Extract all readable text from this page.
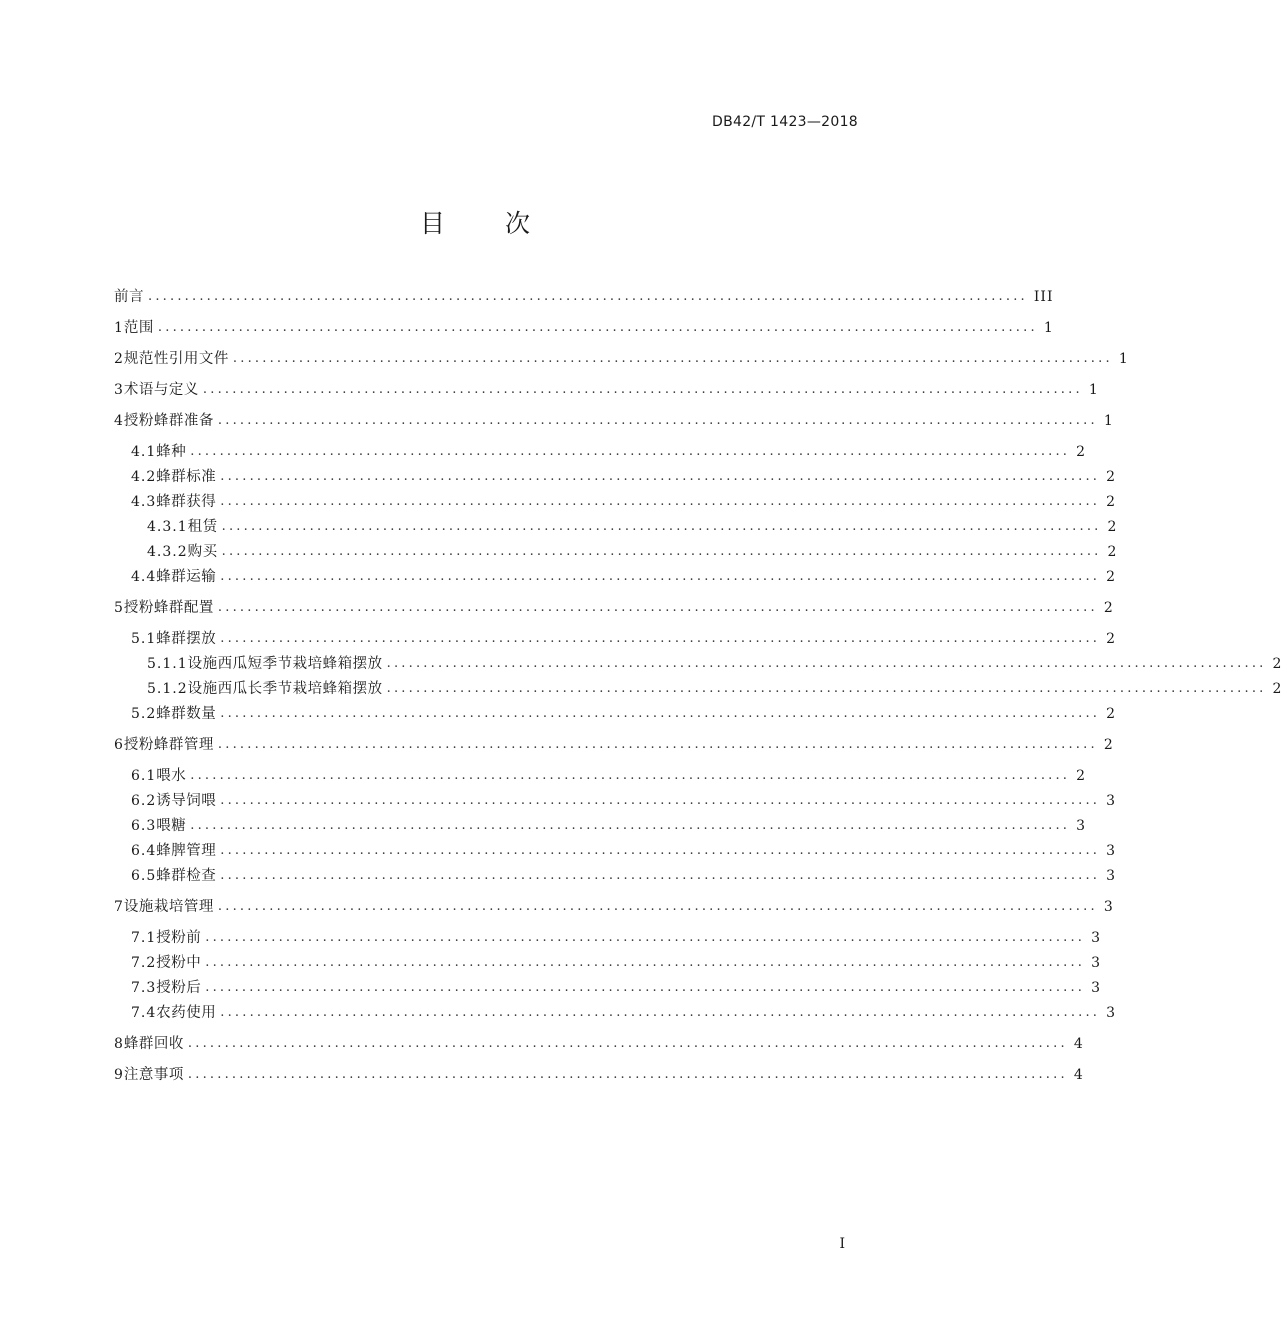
DB42/T 1423—2018
目 次
前言 ........................................................................................................................ III
1 范围 ........................................................................................................................ 1
2 规范性引用文件 ........................................................................................................................ 1
3 术语与定义 ........................................................................................................................ 1
4 授粉蜂群准备 ........................................................................................................................ 1
4.1 蜂种 ........................................................................................................................ 2
4.2 蜂群标准 ........................................................................................................................ 2
4.3 蜂群获得 ........................................................................................................................ 2
4.3.1 租赁 ........................................................................................................................ 2
4.3.2 购买 ........................................................................................................................ 2
4.4 蜂群运输 ........................................................................................................................ 2
5 授粉蜂群配置 ........................................................................................................................ 2
5.1 蜂群摆放 ........................................................................................................................ 2
5.1.1 设施西瓜短季节栽培蜂箱摆放 ........................................................................................................................ 2
5.1.2 设施西瓜长季节栽培蜂箱摆放 ........................................................................................................................ 2
5.2 蜂群数量 ........................................................................................................................ 2
6 授粉蜂群管理 ........................................................................................................................ 2
6.1 喂水 ........................................................................................................................ 2
6.2 诱导饲喂 ........................................................................................................................ 3
6.3 喂糖 ........................................................................................................................ 3
6.4 蜂脾管理 ........................................................................................................................ 3
6.5 蜂群检查 ........................................................................................................................ 3
7 设施栽培管理 ........................................................................................................................ 3
7.1 授粉前 ........................................................................................................................ 3
7.2 授粉中 ........................................................................................................................ 3
7.3 授粉后 ........................................................................................................................ 3
7.4 农药使用 ........................................................................................................................ 3
8 蜂群回收 ........................................................................................................................ 4
9 注意事项 ........................................................................................................................ 4
I
